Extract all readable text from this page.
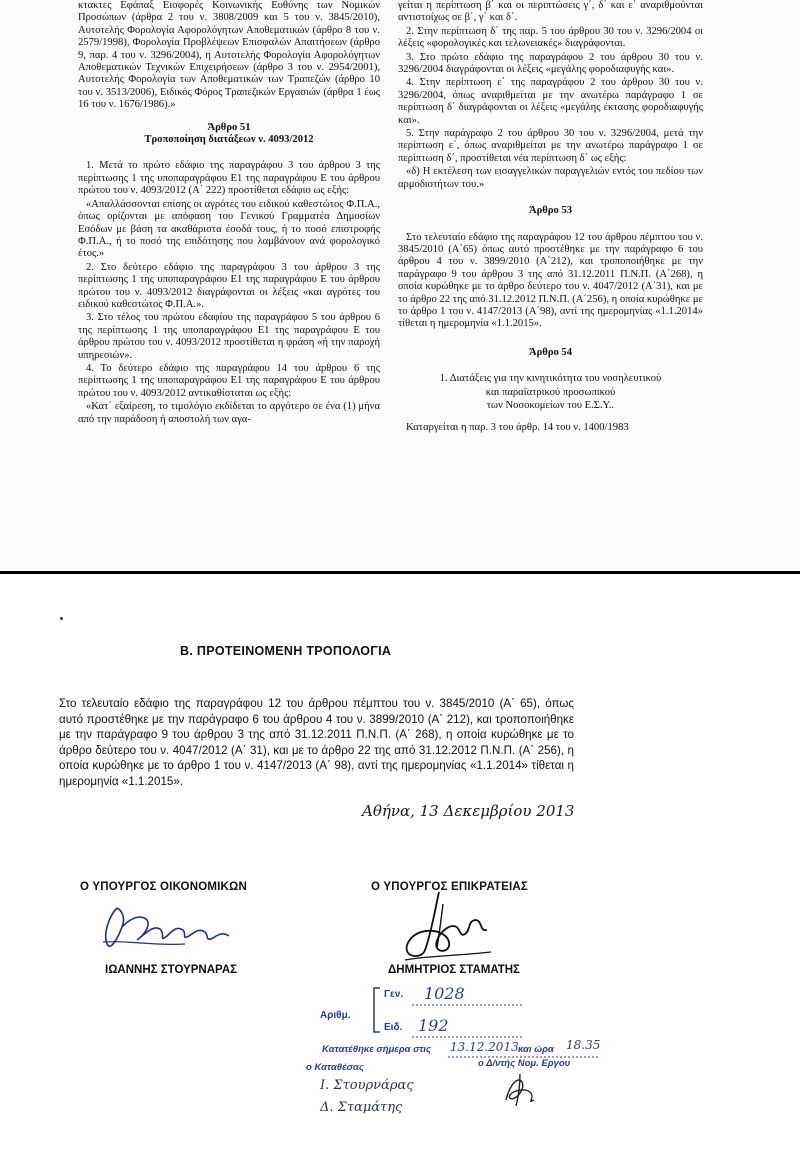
κτακτες Εφάπαξ Εισφορές Κοινωνικής Ευθύνης των Νομικών Προσώπων (άρθρα 2 του ν. 3808/2009 και 5 του ν. 3845/2010), Αυτοτελής Φορολογία Αφορολόγητων Αποθεματικών (άρθρο 8 του ν. 2579/1998), Φορολογία Προβλέψεων Επισφαλών Απαιτήσεων (άρθρο 9, παρ. 4 του ν. 3296/2004), η Αυτοτελής Φορολογία Αφορολόγητων Αποθεματικών Τεχνικών Επιχειρήσεων (άρθρο 3 του ν. 2954/2001), Αυτοτελής Φορολογία των Αποθεματικών των Τραπεζών (άρθρο 10 του ν. 3513/2006), Ειδικός Φόρος Τραπεζικών Εργασιών (άρθρα 1 έως 16 του ν. 1676/1986).»

Άρθρο 51

Τροποποίηση διατάξεων ν. 4093/2012

1. Μετά το πρώτο εδάφιο της παραγράφου 3 του άρθρου 3 της περίπτωσης 1 της υποπαραγράφου Ε1 της παραγράφου Ε του άρθρου πρώτου του ν. 4093/2012 (Α΄ 222) προστίθεται εδάφιο ως εξής:

«Απαλλάσσονται επίσης οι αγρότες του ειδικού καθεστώτος Φ.Π.Α., όπως ορίζονται με απόφαση του Γενικού Γραμματέα Δημοσίων Εσόδων με βάση τα ακαθάριστα έσοδά τους, ή το ποσό επιστροφής Φ.Π.Α., ή το ποσό της επιδότησης που λαμβάνουν ανά φορολογικό έτος.»

2. Στο δεύτερο εδάφιο της παραγράφου 3 του άρθρου 3 της περίπτωσης 1 της υποπαραγράφου Ε1 της παραγράφου Ε του άρθρου πρώτου του ν. 4093/2012 διαγράφονται οι λέξεις «και αγρότες του ειδικού καθεστώτος Φ.Π.Α.».

3. Στο τέλος του πρώτου εδαφίου της παραγράφου 5 του άρθρου 6 της περίπτωσης 1 της υποπαραγράφου Ε1 της παραγράφου Ε του άρθρου πρώτου του ν. 4093/2012 προστίθεται η φράση «ή την παροχή υπηρεσιών».

4. Το δεύτερο εδάφιο της παραγράφου 14 του άρθρου 6 της περίπτωσης 1 της υποπαραγράφου Ε1 της παραγράφου Ε του άρθρου πρώτου του ν. 4093/2012 αντικαθίσταται ως εξής:

«Κατ΄ εξαίρεση, το τιμολόγιο εκδίδεται το αργότερο σε ένα (1) μήνα από την παράδοση ή αποστολή των αγα-

γείται η περίπτωση β΄ και οι περιπτώσεις γ΄, δ΄ και ε΄ αναριθμούνται αντιστοίχως σε β΄, γ΄ και δ΄.

2. Στην περίπτωση δ΄ της παρ. 5 του άρθρου 30 του ν. 3296/2004 οι λέξεις «φορολογικές και τελωνειακές» διαγράφονται.

3. Στο πρώτο εδάφιο της παραγράφου 2 του άρθρου 30 του ν. 3296/2004 διαγράφονται οι λέξεις «μεγάλης φοροδιαφυγής και».

4. Στην περίπτωση ε΄ της παραγράφου 2 του άρθρου 30 του ν. 3296/2004, όπως αναριθμείται με την ανωτέρω παράγραφο 1 σε περίπτωση δ΄ διαγράφονται οι λέξεις «μεγάλης έκτασης φοροδιαφυγής και».

5. Στην παράγραφο 2 του άρθρου 30 του ν. 3296/2004, μετά την περίπτωση ε΄, όπως αναριθμείται με την ανωτέρω παράγραφο 1 σε περίπτωση δ΄, προστίθεται νέα περίπτωση δ΄ ως εξής:

«δ) Η εκτέλεση των εισαγγελικών παραγγελιών εντός του πεδίου των αρμοδιοτήτων του.»

Άρθρο 53

Στο τελευταίο εδάφιο της παραγράφου 12 του άρθρου πέμπτου του ν. 3845/2010 (Α΄65) όπως αυτό προστέθηκε με την παράγραφο 6 του άρθρου 4 του ν. 3899/2010 (Α΄212), και τροποποιήθηκε με την παράγραφο 9 του άρθρου 3 της από 31.12.2011 Π.Ν.Π. (Α΄268), η οποία κυρώθηκε με το άρθρο δεύτερο του ν. 4047/2012 (Α΄31), και με το άρθρο 22 της από 31.12.2012 Π.Ν.Π. (Α΄256), η οποία κυρώθηκε με το άρθρο 1 του ν. 4147/2013 (Α΄98), αντί της ημερομηνίας «1.1.2014» τίθεται η ημερομηνία «1.1.2015».

Άρθρο 54

1. Διατάξεις για την κινητικότητα του νοσηλευτικού

και παραϊατρικού προσωπικού

των Νοσοκομείων του Ε.Σ.Υ..

Καταργείται η παρ. 3 του άρθρ. 14 του ν. 1400/1983

Β. ΠΡΟΤΕΙΝΟΜΕΝΗ ΤΡΟΠΟΛΟΓΙΑ
Στο τελευταίο εδάφιο της παραγράφου 12 του άρθρου πέμπτου του ν. 3845/2010 (Α΄ 65), όπως αυτό προστέθηκε με την παράγραφο 6 του άρθρου 4 του ν. 3899/2010 (Α΄ 212), και τροποποιήθηκε με την παράγραφο 9 του άρθρου 3 της από 31.12.2011 Π.Ν.Π. (Α΄ 268), η οποία κυρώθηκε με το άρθρο δεύτερο του ν. 4047/2012 (Α΄ 31), και με το άρθρο 22 της από 31.12.2012 Π.Ν.Π. (Α΄ 256), η οποία κυρώθηκε με το άρθρο 1 του ν. 4147/2013 (Α΄ 98), αντί της ημερομηνίας «1.1.2014» τίθεται η ημερομηνία «1.1.2015».
Αθήνα, 13 Δεκεμβρίου 2013
Ο ΥΠΟΥΡΓΟΣ ΟΙΚΟΝΟΜΙΚΩΝ	Ο ΥΠΟΥΡΓΟΣ ΕΠΙΚΡΑΤΕΙΑΣ
ΙΩΑΝΝΗΣ ΣΤΟΥΡΝΑΡΑΣ	ΔΗΜΗΤΡΙΟΣ ΣΤΑΜΑΤΗΣ
Αριθμ.
Γεν. 1028
Ειδ. 192
Κατατέθηκε σήμερα στις 13.12.2013 και ώρα 18.35
ο Καταθέσας	ο Δ/ντής Νομ. Εργου
Ι. Στουρνάρας
Δ. Σταμάτης
